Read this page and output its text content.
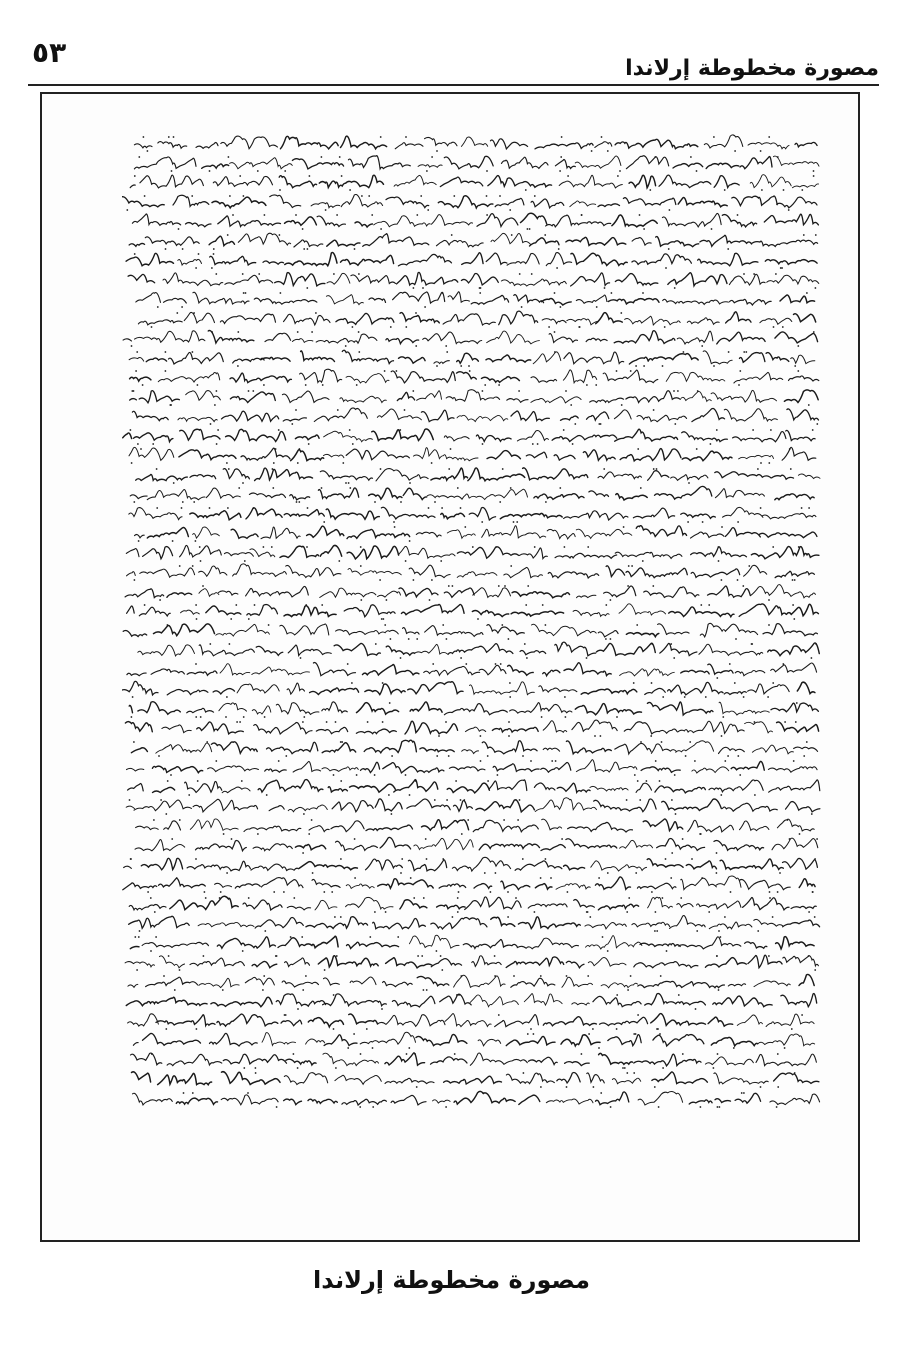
٥٣	مصورة مخطوطة إرلاندا
مصورة مخطوطة إرلاندا
